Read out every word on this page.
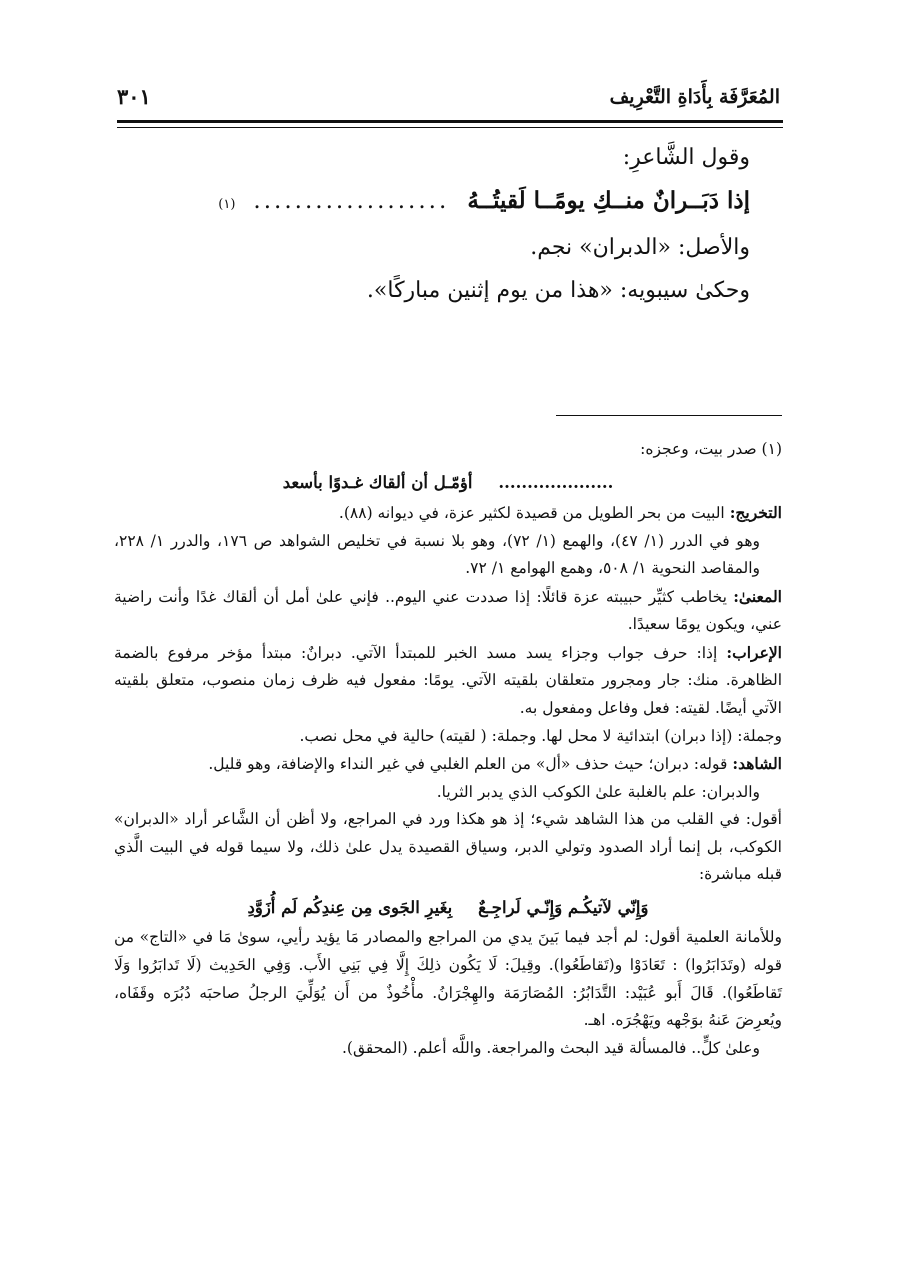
المُعَرَّفَة بِأَدَاةِ التَّعْرِيف
٣٠١

وقول الشَّاعرِ:

إذا دَبَــرانٌ منــكِ يومًــا لَقيتُــهُ
...................
(١)

والأصل: «الدبران» نجم.

وحكىٰ سيبويه: «هذا من يوم إثنين مباركًا».

(١) صدر بيت، وعجزه:

....................أؤمّـل أن ألقاك غـدوًا بأسعد

التخريج: البيت من بحر الطويل من قصيدة لكثير عزة، في ديوانه (٨٨).

وهو في الدرر (١/ ٤٧)، والهمع (١/ ٧٢)، وهو بلا نسبة في تخليص الشواهد ص ١٧٦، والدرر ١/ ٢٢٨، والمقاصد النحوية ١/ ٥٠٨، وهمع الهوامع ١/ ٧٢.

المعنىٰ: يخاطب كثيِّر حبيبته عزة قائلًا: إذا صددت عني اليوم.. فإني علىٰ أمل أن ألقاك غدًا وأنت راضية عني، ويكون يومًا سعيدًا.

الإعراب: إذا: حرف جواب وجزاء يسد مسد الخبر للمبتدأ الآتي. دبرانٌ: مبتدأ مؤخر مرفوع بالضمة الظاهرة. منك: جار ومجرور متعلقان بلقيته الآتي. يومًا: مفعول فيه ظرف زمان منصوب، متعلق بلقيته الآتي أيضًا. لقيته: فعل وفاعل ومفعول به.

وجملة: (إذا دبران) ابتدائية لا محل لها. وجملة: ( لقيته) حالية في محل نصب.

الشاهد: قوله: دبران؛ حيث حذف «أل» من العلم الغلبي في غير النداء والإضافة، وهو قليل.

والدبران: علم بالغلبة علىٰ الكوكب الذي يدبر الثريا.

أقول: في القلب من هذا الشاهد شيء؛ إذ هو هكذا ورد في المراجع، ولا أظن أن الشَّاعر أراد «الدبران» الكوكب، بل إنما أراد الصدود وتولي الدبر، وسياق القصيدة يدل علىٰ ذلك، ولا سيما قوله في البيت الَّذي قبله مباشرة:

وَإِنّي لآتيكُـم وَإِنّـي لَراجِـعٌبِغَيرِ الجَوى مِن عِندِكُم لَم أُزَوَّدِ

وللأمانة العلمية أقول: لم أجد فيما بَينَ يدي من المراجع والمصادر مَا يؤيد رأيي، سوىٰ مَا في «التاج» من قوله (وتَدَابَرُوا) : تَعَادَوْا و(تَقاطَعُوا). وقِيلَ: لَا يَكُون ذلِكَ إِلَّا فِي بَنِي الأَب. وَفِي الحَدِيث (لَا تَدابَرُوا وَلَا تَقاطَعُوا). قَالَ أَبو عُبَيْد: التَّدَابُرُ: المُصَارَمَة والهِجْرَانُ. مأْخُوذٌ من أَن يُوَلِّيَ الرجلُ صاحبَه دُبُرَه وقَفَاه، ويُعرِضَ عَنهُ بوَجْهه ويَهْجُرَه. اهـ.

وعلىٰ كلٍّ.. فالمسألة قيد البحث والمراجعة. واللَّه أعلم. (المحقق).
